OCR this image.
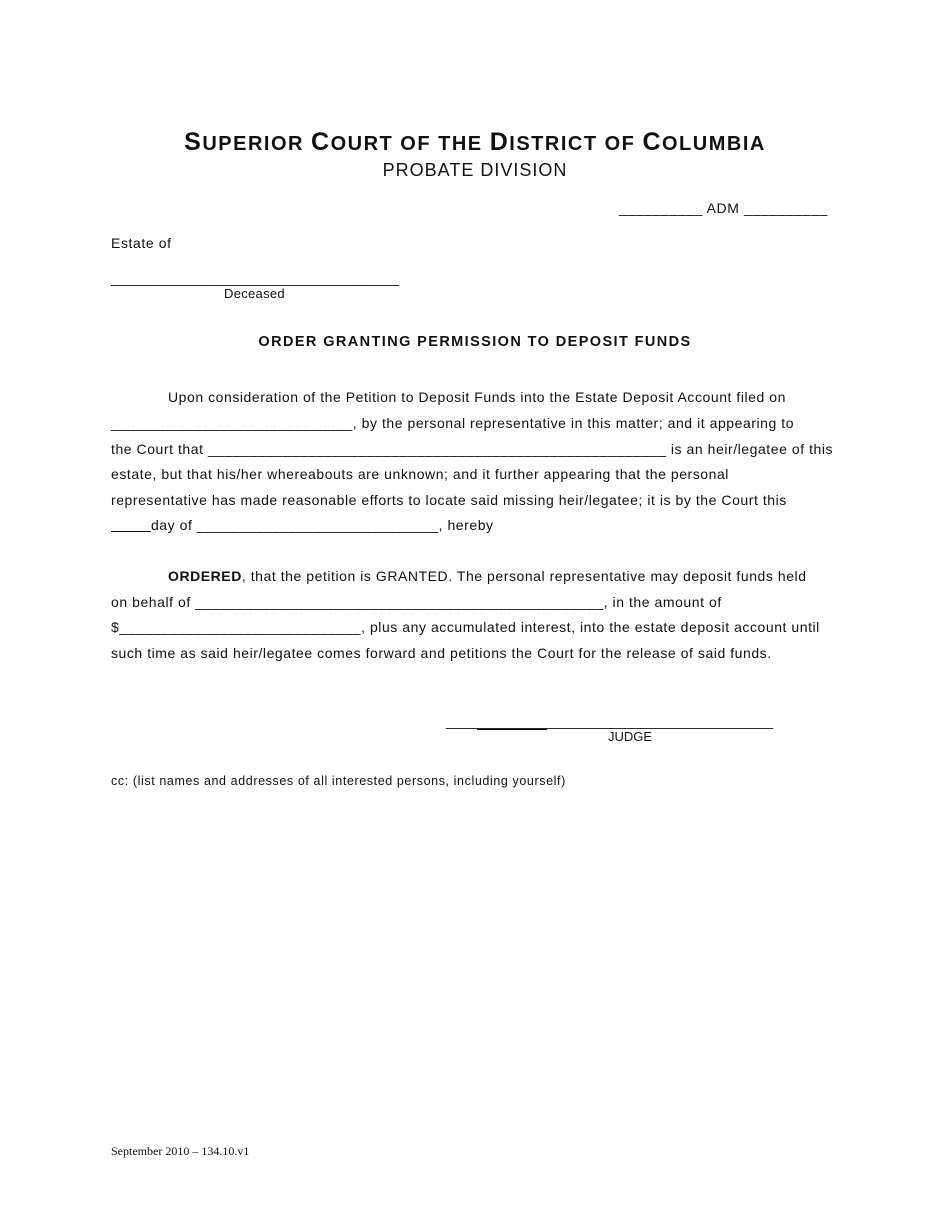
SUPERIOR COURT OF THE DISTRICT OF COLUMBIA
PROBATE DIVISION
__________ ADM __________
Estate of
_____________________________________
Deceased
ORDER GRANTING PERMISSION TO DEPOSIT FUNDS
Upon consideration of the Petition to Deposit Funds into the Estate Deposit Account filed on
_____________________________, by the personal representative in this matter; and it appearing to
the Court that _______________________________________________________ is an heir/legatee of this
estate, but that his/her whereabouts are unknown; and it further appearing that the personal
representative has made reasonable efforts to locate said missing heir/legatee; it is by the Court this
day of _____________________________, hereby
ORDERED, that the petition is GRANTED. The personal representative may deposit funds held
on behalf of _________________________________________________, in the amount of
$_____________________________, plus any accumulated interest, into the estate deposit account until
such time as said heir/legatee comes forward and petitions the Court for the release of said funds.
__________________________________________
JUDGE
cc: (list names and addresses of all interested persons, including yourself)
September 2010 – 134.10.v1
